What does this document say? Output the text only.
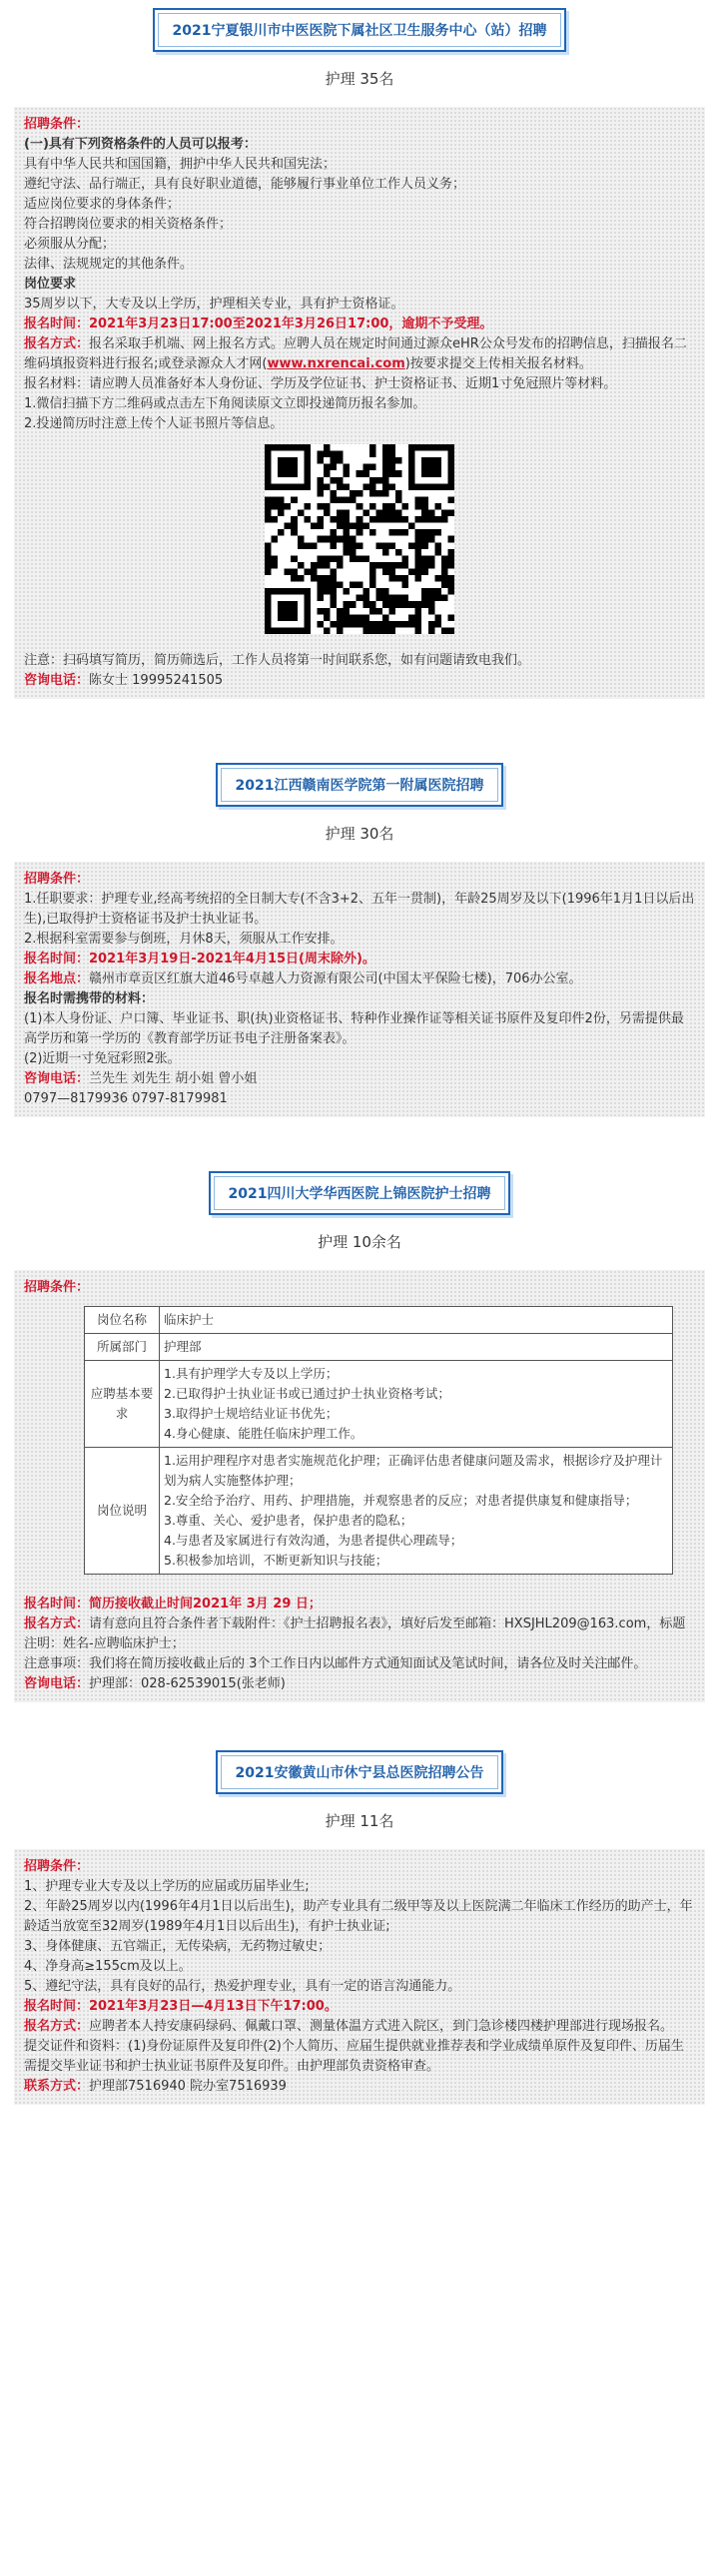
2021宁夏银川市中医医院下属社区卫生服务中心（站）招聘
护理 35名

招聘条件：

(一)具有下列资格条件的人员可以报考：

具有中华人民共和国国籍，拥护中华人民共和国宪法；

遵纪守法、品行端正，具有良好职业道德，能够履行事业单位工作人员义务；

适应岗位要求的身体条件；

符合招聘岗位要求的相关资格条件；

必须服从分配；

法律、法规规定的其他条件。

岗位要求

35周岁以下，大专及以上学历，护理相关专业，具有护士资格证。

报名时间：2021年3月23日17:00至2021年3月26日17:00，逾期不予受理。

报名方式：报名采取手机端、网上报名方式。应聘人员在规定时间通过源众eHR公众号发布的招聘信息，扫描报名二维码填报资料进行报名;或登录源众人才网(www.nxrencai.com)按要求提交上传相关报名材料。

报名材料：请应聘人员准备好本人身份证、学历及学位证书、护士资格证书、近期1寸免冠照片等材料。

1.微信扫描下方二维码或点击左下角阅读原文立即投递简历报名参加。

2.投递简历时注意上传个人证书照片等信息。

注意：扫码填写简历，简历筛选后，工作人员将第一时间联系您，如有问题请致电我们。

咨询电话：陈女士 19995241505

2021江西赣南医学院第一附属医院招聘
护理 30名

招聘条件：

1.任职要求：护理专业,经高考统招的全日制大专(不含3+2、五年一贯制)，年龄25周岁及以下(1996年1月1日以后出生),已取得护士资格证书及护士执业证书。

2.根据科室需要参与倒班，月休8天，须服从工作安排。

报名时间：2021年3月19日-2021年4月15日(周末除外)。

报名地点：赣州市章贡区红旗大道46号卓越人力资源有限公司(中国太平保险七楼)，706办公室。

报名时需携带的材料：

(1)本人身份证、户口簿、毕业证书、职(执)业资格证书、特种作业操作证等相关证书原件及复印件2份，另需提供最高学历和第一学历的《教育部学历证书电子注册备案表》。

(2)近期一寸免冠彩照2张。

咨询电话：兰先生 刘先生 胡小姐 曾小姐

0797—8179936 0797-8179981

2021四川大学华西医院上锦医院护士招聘
护理 10余名

招聘条件：

岗位名称	临床护士
所属部门	护理部
应聘基本要求	1.具有护理学大专及以上学历；

2.已取得护士执业证书或已通过护士执业资格考试；

3.取得护士规培结业证书优先；

4.身心健康、能胜任临床护理工作。

岗位说明	1.运用护理程序对患者实施规范化护理；正确评估患者健康问题及需求，根据诊疗及护理计划为病人实施整体护理；

2.安全给予治疗、用药、护理措施，并观察患者的反应；对患者提供康复和健康指导；

3.尊重、关心、爱护患者，保护患者的隐私；

4.与患者及家属进行有效沟通，为患者提供心理疏导；

5.积极参加培训，不断更新知识与技能；

报名时间：简历接收截止时间2021年 3月 29 日；

报名方式：请有意向且符合条件者下载附件：《护士招聘报名表》，填好后发至邮箱：HXSJHL209@163.com，标题注明：姓名-应聘临床护士；

注意事项：我们将在简历接收截止后的 3个工作日内以邮件方式通知面试及笔试时间，请各位及时关注邮件。

咨询电话：护理部：028-62539015(张老师)

2021安徽黄山市休宁县总医院招聘公告
护理 11名

招聘条件：

1、护理专业大专及以上学历的应届或历届毕业生;

2、年龄25周岁以内(1996年4月1日以后出生)，助产专业具有二级甲等及以上医院满二年临床工作经历的助产士，年龄适当放宽至32周岁(1989年4月1日以后出生)，有护士执业证;

3、身体健康、五官端正，无传染病，无药物过敏史；

4、净身高≥155cm及以上。

5、遵纪守法，具有良好的品行，热爱护理专业，具有一定的语言沟通能力。

报名时间：2021年3月23日—4月13日下午17:00。

报名方式：应聘者本人持安康码绿码、佩戴口罩、测量体温方式进入院区，到门急诊楼四楼护理部进行现场报名。

提交证件和资料：(1)身份证原件及复印件(2)个人简历、应届生提供就业推荐表和学业成绩单原件及复印件、历届生需提交毕业证书和护士执业证书原件及复印件。由护理部负责资格审查。

联系方式：护理部7516940 院办室7516939
